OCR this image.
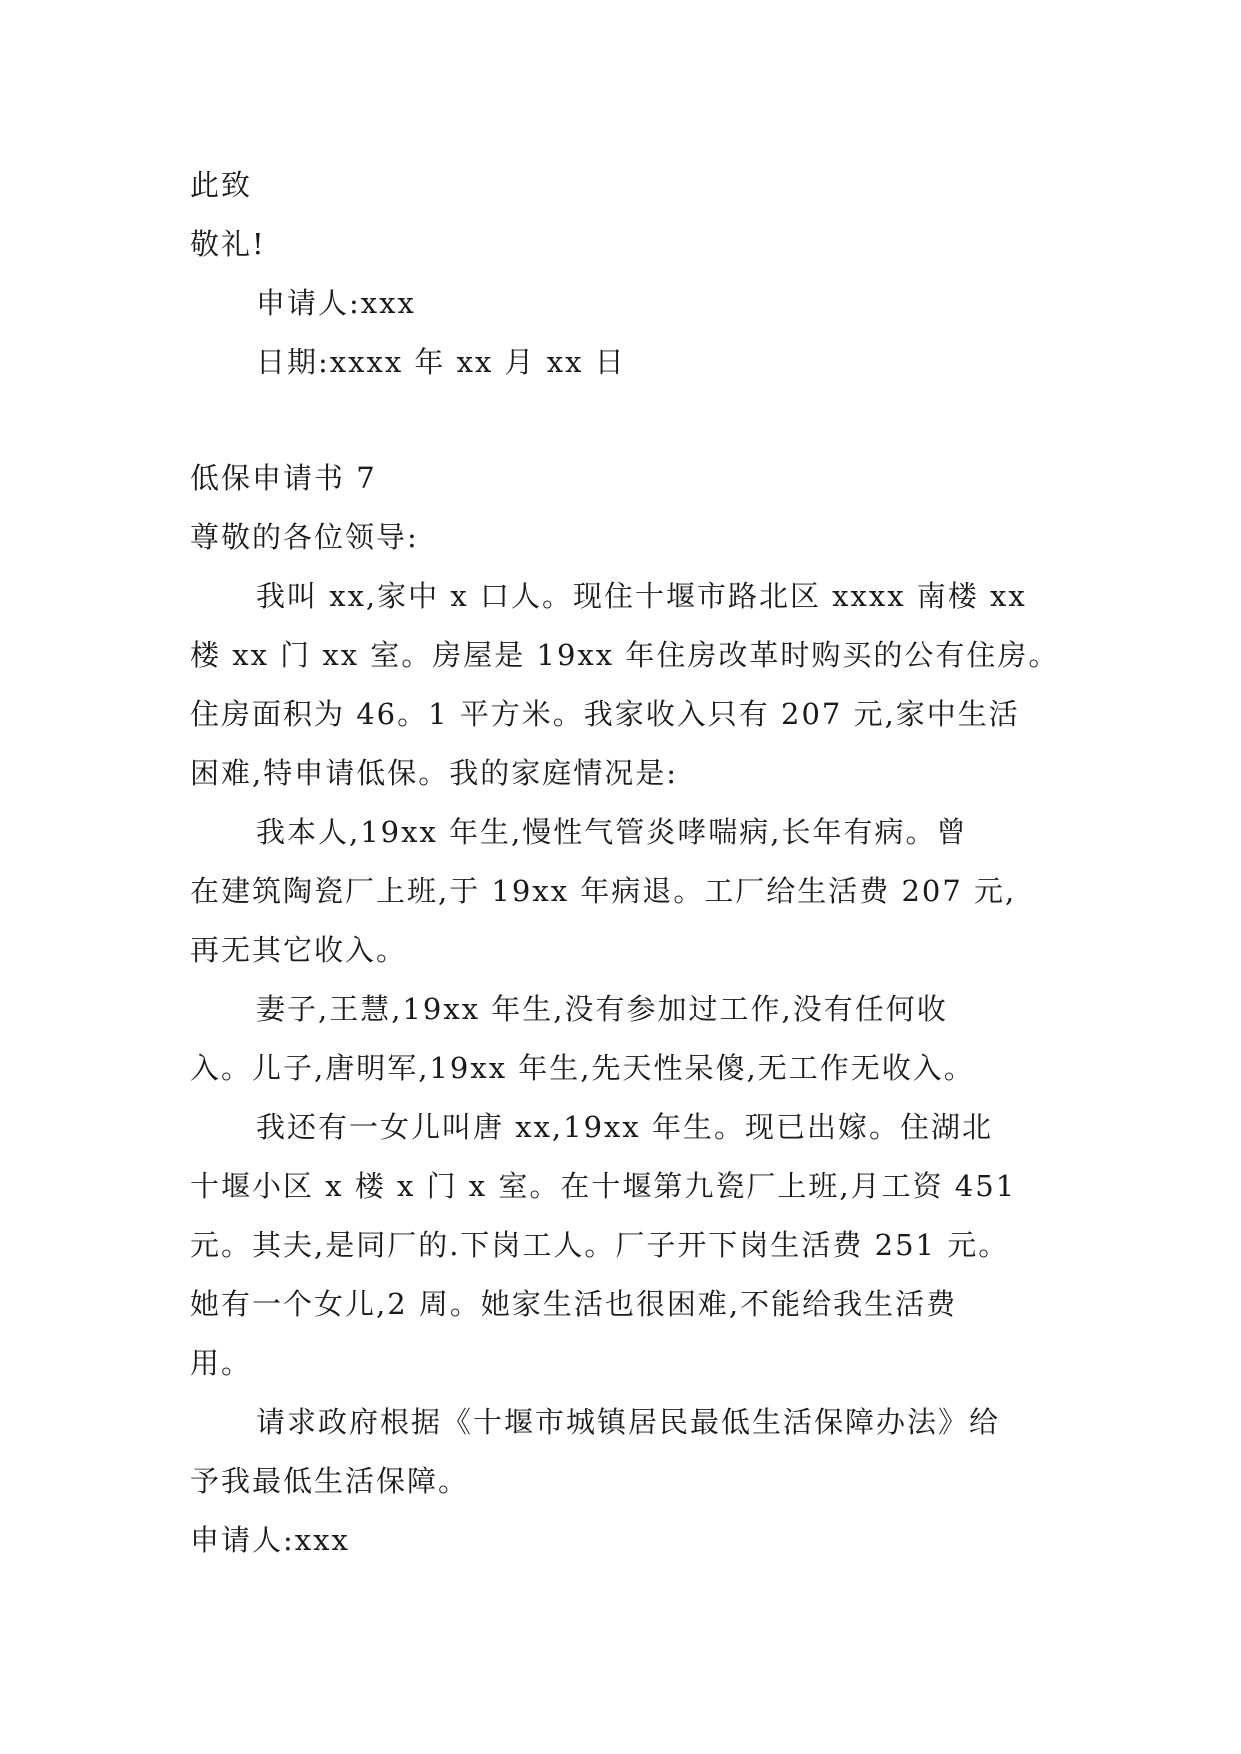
此致
敬礼!
申请人:xxx
日期:xxxx 年 xx 月 xx 日
低保申请书 7
尊敬的各位领导:
我叫 xx,家中 x 口人。现住十堰市路北区 xxxx 南楼 xx
楼 xx 门 xx 室。房屋是 19xx 年住房改革时购买的公有住房。
住房面积为 46。1 平方米。我家收入只有 207 元,家中生活
困难,特申请低保。我的家庭情况是:
我本人,19xx 年生,慢性气管炎哮喘病,长年有病。曾
在建筑陶瓷厂上班,于 19xx 年病退。工厂给生活费 207 元,
再无其它收入。
妻子,王慧,19xx 年生,没有参加过工作,没有任何收
入。儿子,唐明军,19xx 年生,先天性呆傻,无工作无收入。
我还有一女儿叫唐 xx,19xx 年生。现已出嫁。住湖北
十堰小区 x 楼 x 门 x 室。在十堰第九瓷厂上班,月工资 451
元。其夫,是同厂的.下岗工人。厂子开下岗生活费 251 元。
她有一个女儿,2 周。她家生活也很困难,不能给我生活费
用。
请求政府根据《十堰市城镇居民最低生活保障办法》给
予我最低生活保障。
申请人:xxx
